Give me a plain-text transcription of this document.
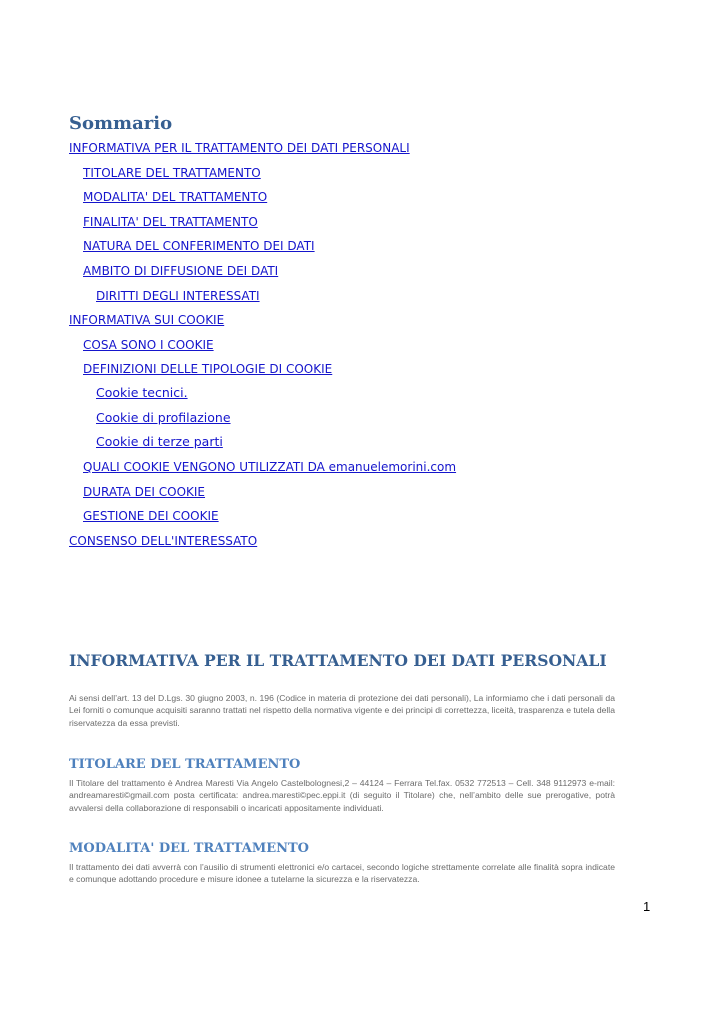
Sommario
INFORMATIVA PER IL TRATTAMENTO DEI DATI PERSONALI
TITOLARE DEL TRATTAMENTO
MODALITA' DEL TRATTAMENTO
FINALITA' DEL TRATTAMENTO
NATURA DEL CONFERIMENTO DEI DATI
AMBITO DI DIFFUSIONE DEI DATI
DIRITTI DEGLI INTERESSATI
INFORMATIVA SUI COOKIE
COSA SONO I COOKIE
DEFINIZIONI DELLE TIPOLOGIE DI COOKIE
Cookie tecnici.
Cookie di profilazione
Cookie di terze parti
QUALI COOKIE VENGONO UTILIZZATI DA emanuelemorini.com
DURATA DEI COOKIE
GESTIONE DEI COOKIE
CONSENSO DELL'INTERESSATO
INFORMATIVA PER IL TRATTAMENTO DEI DATI PERSONALI

Ai sensi dell’art. 13 del D.Lgs. 30 giugno 2003, n. 196 (Codice in materia di protezione dei dati personali), La informiamo che i dati personali da Lei forniti o comunque acquisiti saranno trattati nel rispetto della normativa vigente e dei principi di correttezza, liceità, trasparenza e tutela della riservatezza da essa previsti.

TITOLARE DEL TRATTAMENTO

Il Titolare del trattamento è Andrea Maresti Via Angelo Castelbolognesi,2 – 44124 – Ferrara Tel.fax. 0532 772513 – Cell. 348 9112973 e-mail: andreamaresti©gmail.com posta certificata: andrea.maresti©pec.eppi.it (di seguito il Titolare) che, nell’ambito delle sue prerogative, potrà avvalersi della collaborazione di responsabili o incaricati appositamente individuati.

MODALITA' DEL TRATTAMENTO

Il trattamento dei dati avverrà con l’ausilio di strumenti elettronici e/o cartacei, secondo logiche strettamente correlate alle finalità sopra indicate e comunque adottando procedure e misure idonee a tutelarne la sicurezza e la riservatezza.

1
